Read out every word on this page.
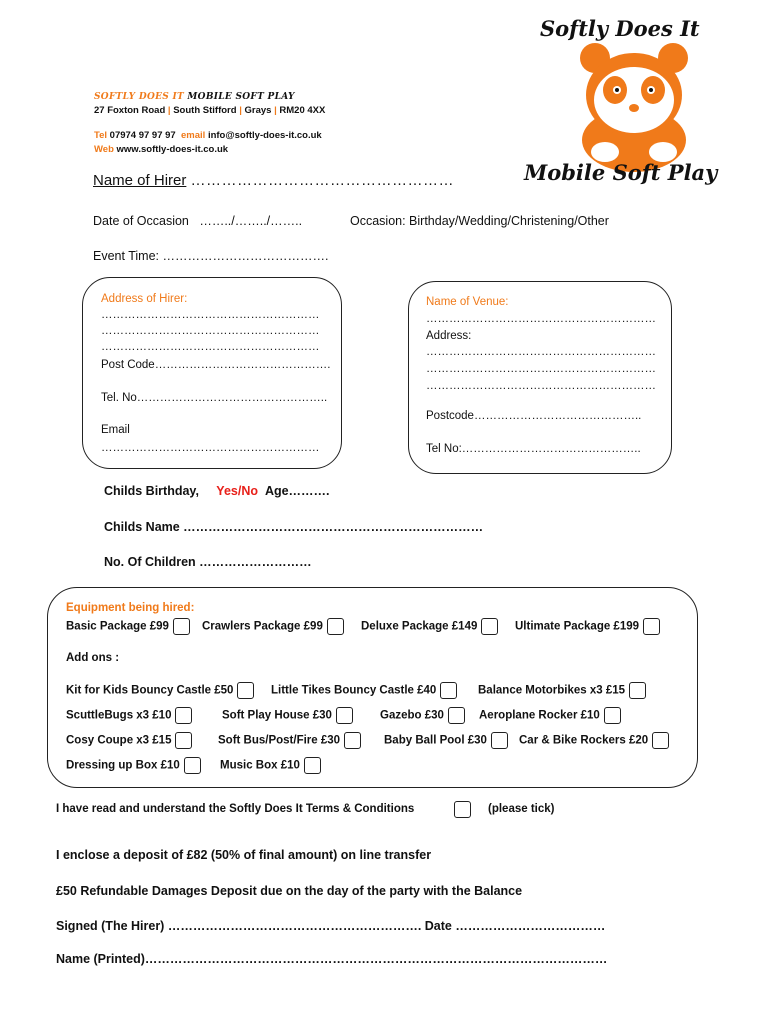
SOFTLY DOES IT MOBILE SOFT PLAY
27 Foxton Road | South Stifford | Grays | RM20 4XX
Tel 07974 97 97 97 email info@softly-does-it.co.uk
Web www.softly-does-it.co.uk
Softly Does It
Mobile Soft Play
Name of Hirer ……………………………………………
Date of Occasion ……../……../……..	Occasion: Birthday/Wedding/Christening/Other
Event Time: ………………………………….
Address of Hirer:
…………………………………………………
…………………………………………………
…………………………………………………
Post Code……………………………………….
Tel. No…………………………………………..
Email
…………………………………………………
Name of Venue:
……………………………………………………
Address:
……………………………………………………
……………………………………………………
……………………………………………………
Postcode……………………………………..
Tel No:………………………………………..
Childs Birthday, Yes/No Age……….
Childs Name ………………………………………………………………
No. Of Children ………………………
Equipment being hired:
Basic Package £99	Crawlers Package £99	Deluxe Package £149	Ultimate Package £199
Add ons :
Kit for Kids Bouncy Castle £50	Little Tikes Bouncy Castle £40	Balance Motorbikes x3 £15
ScuttleBugs x3 £10	Soft Play House £30	Gazebo £30	Aeroplane Rocker £10
Cosy Coupe x3 £15	Soft Bus/Post/Fire £30	Baby Ball Pool £30	Car & Bike Rockers £20
Dressing up Box £10	Music Box £10
I have read and understand the Softly Does It Terms & Conditions	(please tick)
I enclose a deposit of £82 (50% of final amount) on line transfer
£50 Refundable Damages Deposit due on the day of the party with the Balance
Signed (The Hirer) ……………………………………………………. Date ………………………………
Name (Printed)…………………………………………………………………………………………………
